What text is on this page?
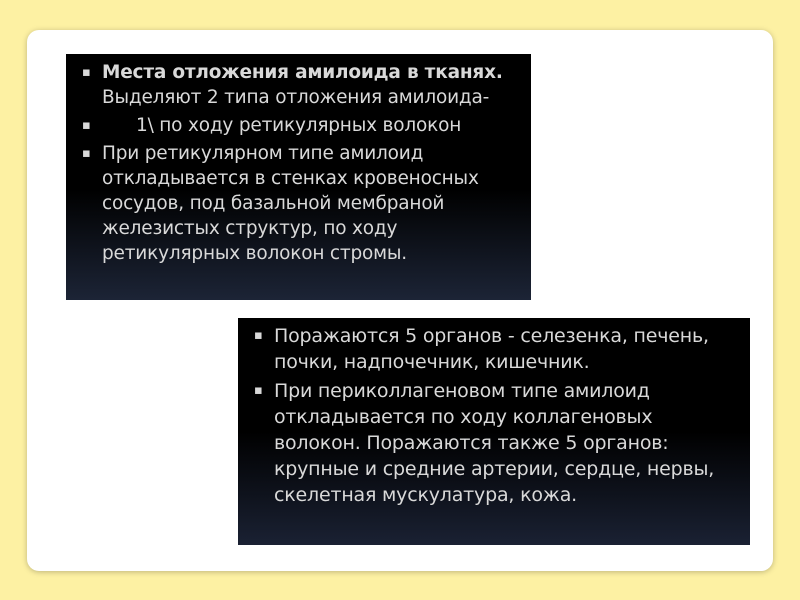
▪ Места отложения амилоида в тканях.
Выделяют 2 типа отложения амилоида-
▪ 1\ по ходу ретикулярных волокон
▪ При ретикулярном типе амилоид откладывается в стенках кровеносных сосудов, под базальной мембраной железистых структур, по ходу ретикулярных волокон стромы.
▪ Поражаются 5 органов - селезенка, печень, почки, надпочечник, кишечник.
▪ При периколлагеновом типе амилоид откладывается по ходу коллагеновых волокон. Поражаются также 5 органов: крупные и средние артерии, сердце, нервы, скелетная мускулатура, кожа.
